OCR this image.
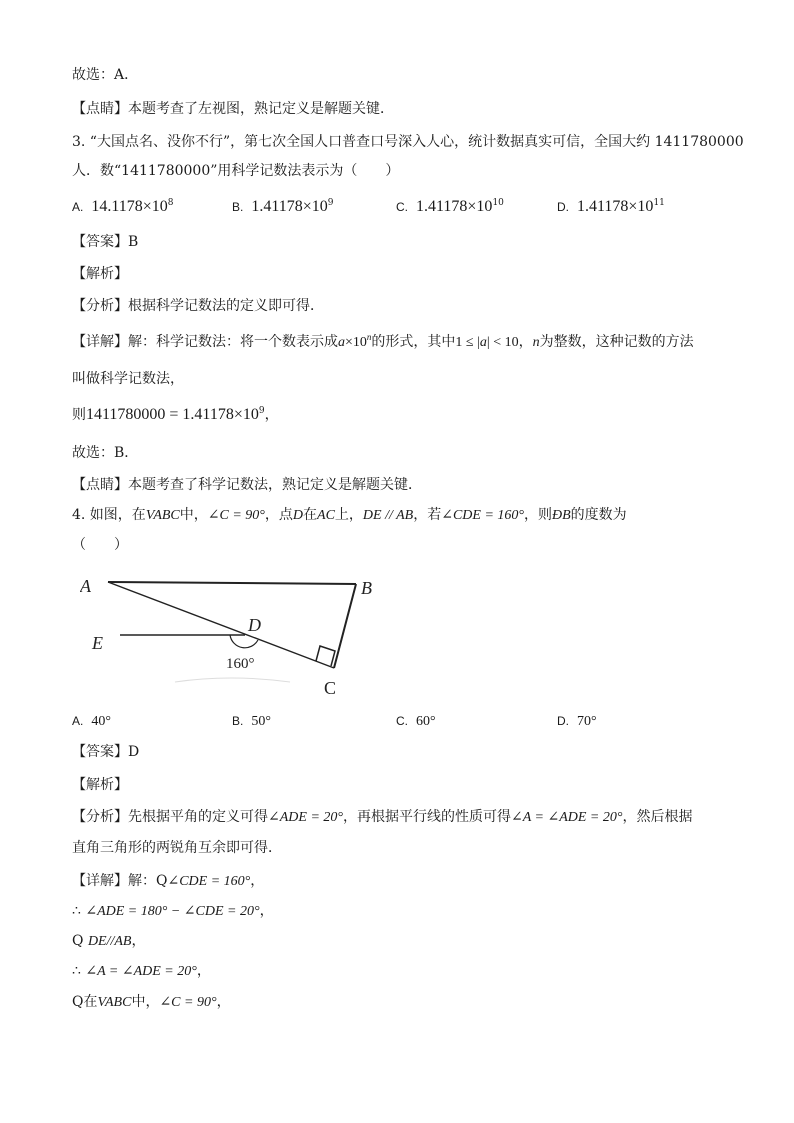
故选：A．
【点睛】本题考查了左视图，熟记定义是解题关键．
3. “大国点名、没你不行”，第七次全国人口普查口号深入人心，统计数据真实可信，全国大约 1411780000
人．数“1411780000”用科学记数法表示为（　　）
A. $14.1178\times 10^8$	B. $1.41178\times 10^9$	C. $1.41178\times 10^{10}$	D. $1.41178\times 10^{11}$
【答案】B
【解析】
【分析】根据科学记数法的定义即可得．
【详解】解：科学记数法：将一个数表示成$a\times 10^n$的形式，其中1 ≤ |a| < 10，n为整数，这种记数的方法
叫做科学记数法，
则$1411780000 = 1.41178\times 10^9$，
故选：B．
【点睛】本题考查了科学记数法，熟记定义是解题关键．
4. 如图，在VABC中，∠C = 90°，点D在AC上，DE // AB，若∠CDE = 160°，则ÐB的度数为
（　　）
A	B
C
D
E
160°
A. 40°	B. 50°	C. 60°	D. 70°
【答案】D
【解析】
【分析】先根据平角的定义可得∠ADE = 20°，再根据平行线的性质可得∠A = ∠ADE = 20°，然后根据
直角三角形的两锐角互余即可得．
【详解】解：Q∠CDE = 160°，
∴ ∠ADE = 180° − ∠CDE = 20°，
Q DE//AB，
∴ ∠A = ∠ADE = 20°，
Q在VABC中，∠C = 90°，
